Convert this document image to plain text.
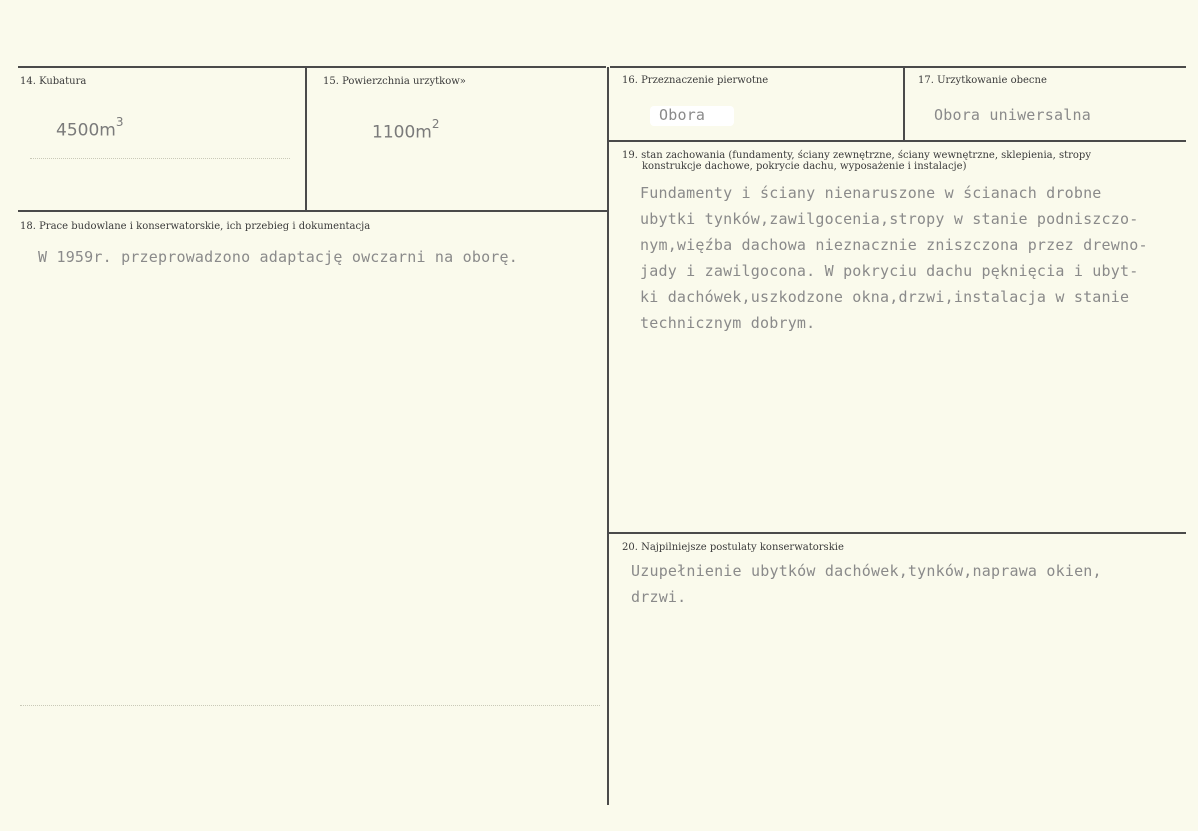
14. Kubatura
$4500m^3$
15. Powierzchnia urzytkow»
$1100m^2$
16. Przeznaczenie pierwotne
Obora
17. Urzytkowanie obecne
Obora uniwersalna
18. Prace budowlane i konserwatorskie, ich przebieg i dokumentacja
W 1959r. przeprowadzono adaptację owczarni na oborę.
19. stan zachowania (fundamenty, ściany zewnętrzne, ściany wewnętrzne, sklepienia, stropy
konstrukcje dachowe, pokrycie dachu, wyposażenie i instalacje)
Fundamenty i ściany nienaruszone w ścianach drobne
ubytki tynków,zawilgocenia,stropy w stanie podniszczo-
nym,więźba dachowa nieznacznie zniszczona przez drewno-
jady i zawilgocona. W pokryciu dachu pęknięcia i ubyt-
ki dachówek,uszkodzone okna,drzwi,instalacja w stanie
technicznym dobrym.
20. Najpilniejsze postulaty konserwatorskie
Uzupełnienie ubytków dachówek,tynków,naprawa okien,
drzwi.
